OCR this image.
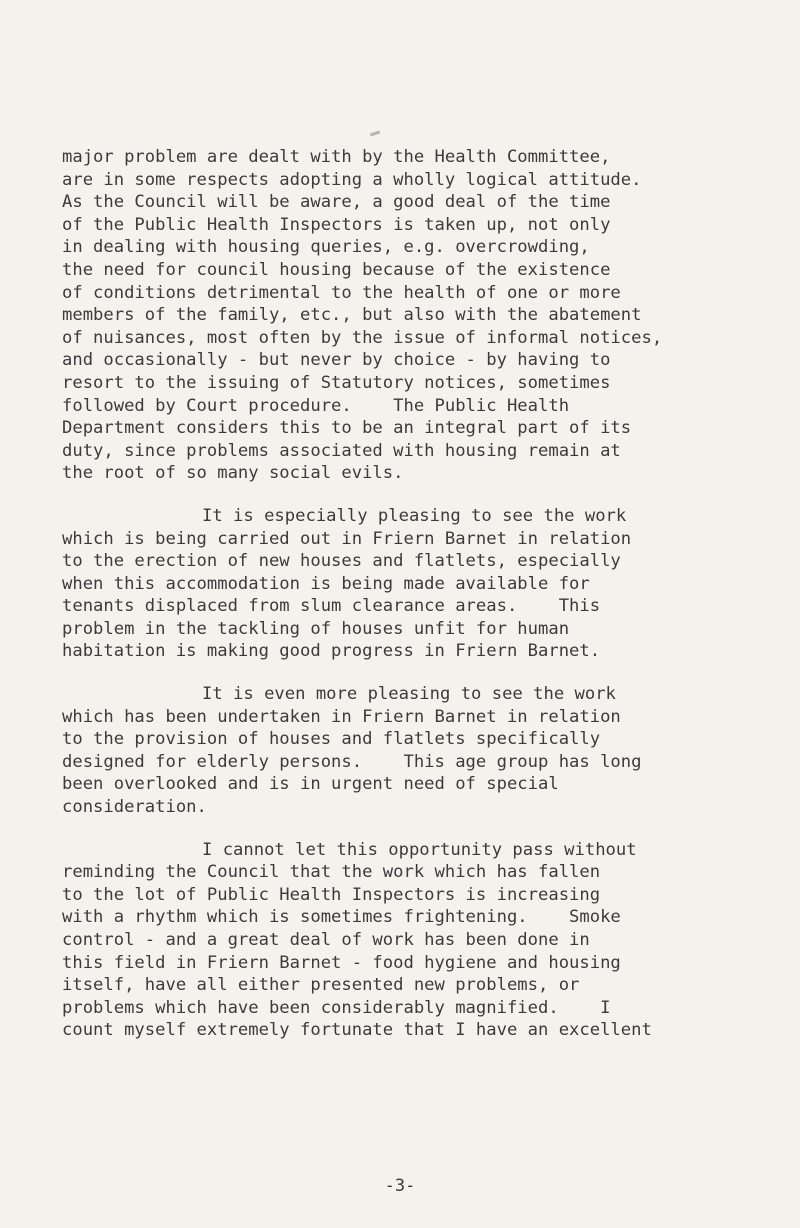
major problem are dealt with by the Health Committee,
are in some respects adopting a wholly logical attitude.
As the Council will be aware, a good deal of the time
of the Public Health Inspectors is taken up, not only
in dealing with housing queries, e.g. overcrowding,
the need for council housing because of the existence
of conditions detrimental to the health of one or more
members of the family, etc., but also with the abatement
of nuisances, most often by the issue of informal notices,
and occasionally - but never by choice - by having to
resort to the issuing of Statutory notices, sometimes
followed by Court procedure.    The Public Health
Department considers this to be an integral part of its
duty, since problems associated with housing remain at
the root of so many social evils.

It is especially pleasing to see the work
which is being carried out in Friern Barnet in relation
to the erection of new houses and flatlets, especially
when this accommodation is being made available for
tenants displaced from slum clearance areas.    This
problem in the tackling of houses unfit for human
habitation is making good progress in Friern Barnet.

It is even more pleasing to see the work
which has been undertaken in Friern Barnet in relation
to the provision of houses and flatlets specifically
designed for elderly persons.    This age group has long
been overlooked and is in urgent need of special
consideration.

I cannot let this opportunity pass without
reminding the Council that the work which has fallen
to the lot of Public Health Inspectors is increasing
with a rhythm which is sometimes frightening.    Smoke
control - and a great deal of work has been done in
this field in Friern Barnet - food hygiene and housing
itself, have all either presented new problems, or
problems which have been considerably magnified.    I
count myself extremely fortunate that I have an excellent

-3-
